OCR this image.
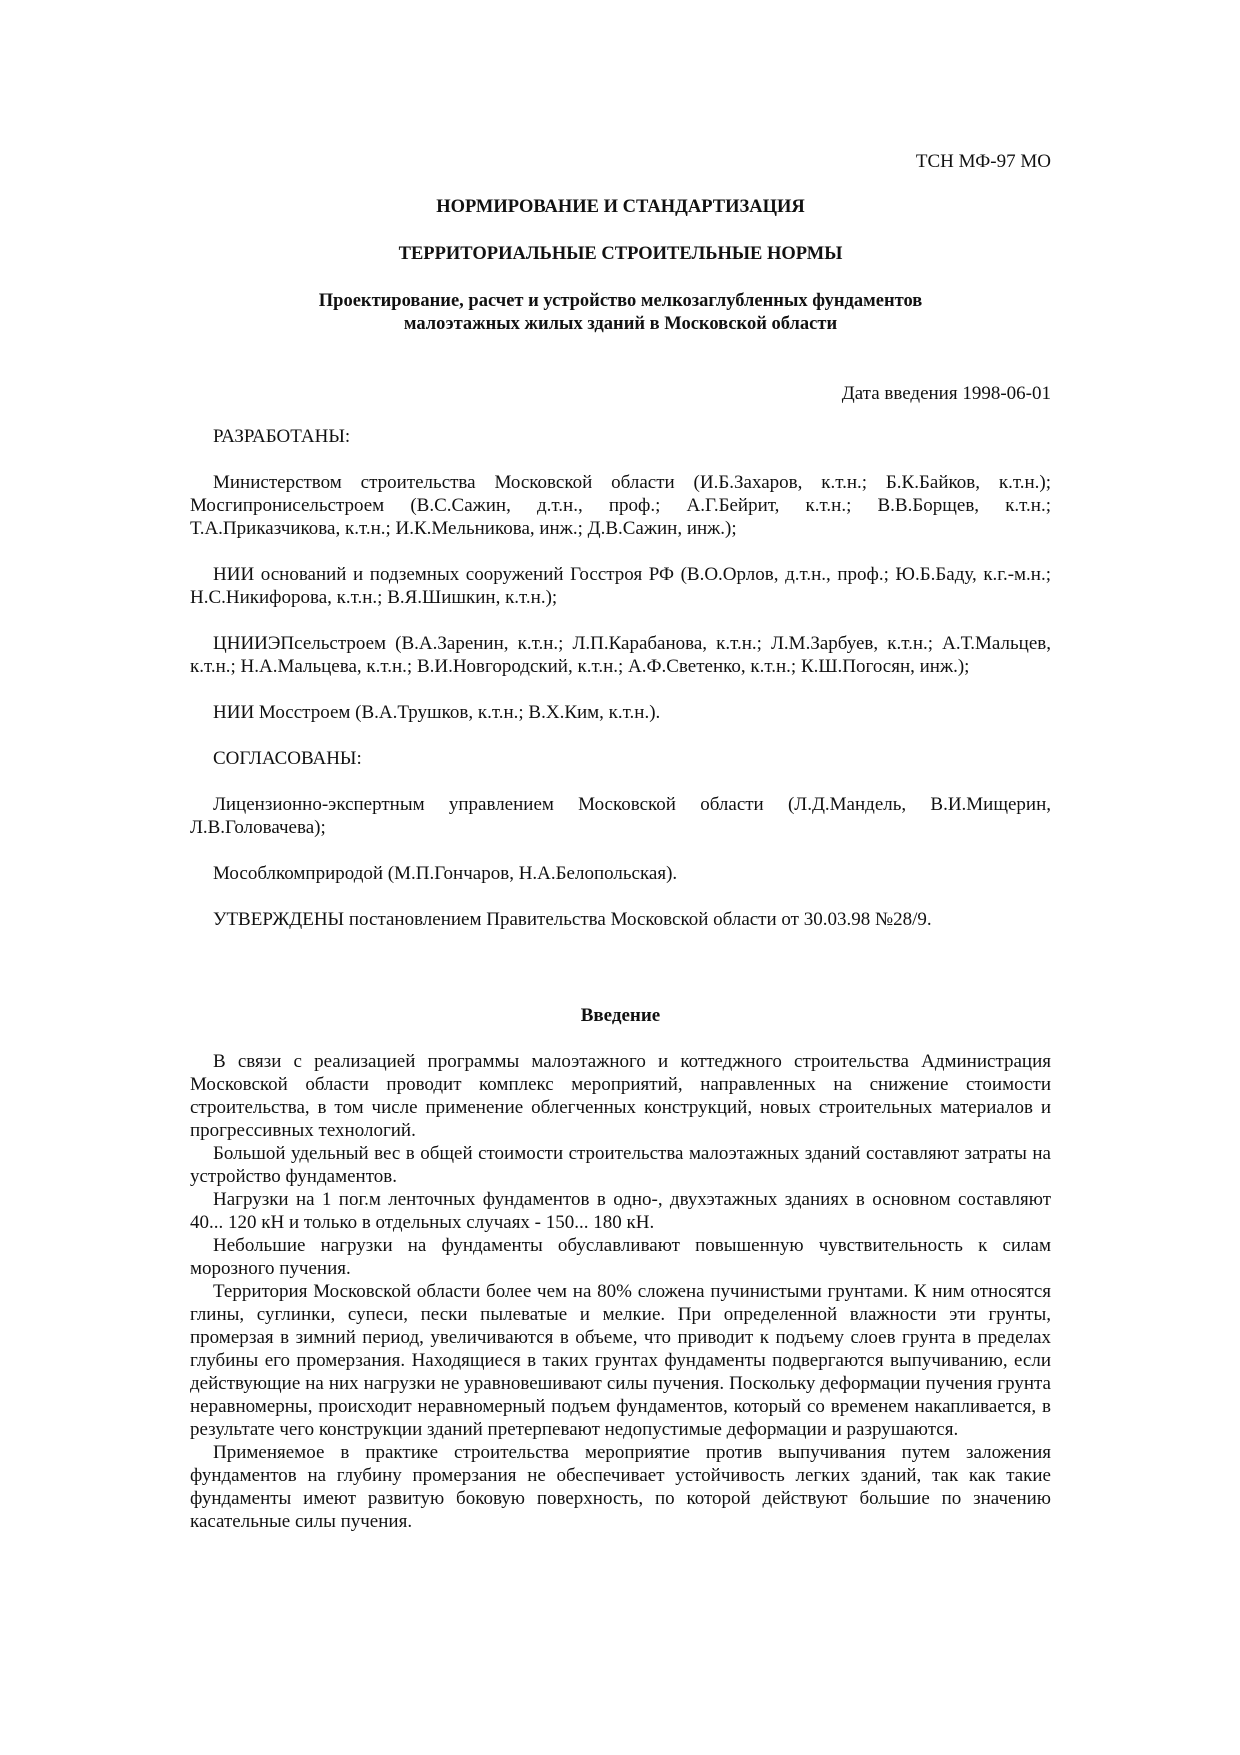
ТСН МФ-97 МО

НОРМИРОВАНИЕ И СТАНДАРТИЗАЦИЯ

ТЕРРИТОРИАЛЬНЫЕ СТРОИТЕЛЬНЫЕ НОРМЫ

Проектирование, расчет и устройство мелкозаглубленных фундаментов
малоэтажных жилых зданий в Московской области

Дата введения 1998-06-01

РАЗРАБОТАНЫ:

Министерством строительства Московской области (И.Б.Захаров, к.т.н.; Б.К.Байков, к.т.н.); Мосгипронисельстроем (В.С.Сажин, д.т.н., проф.; А.Г.Бейрит, к.т.н.; В.В.Борщев, к.т.н.; Т.А.Приказчикова, к.т.н.; И.К.Мельникова, инж.; Д.В.Сажин, инж.);

НИИ оснований и подземных сооружений Госстроя РФ (В.О.Орлов, д.т.н., проф.; Ю.Б.Баду, к.г.-м.н.; Н.С.Никифорова, к.т.н.; В.Я.Шишкин, к.т.н.);

ЦНИИЭПсельстроем (В.А.Заренин, к.т.н.; Л.П.Карабанова, к.т.н.; Л.М.Зарбуев, к.т.н.; А.Т.Мальцев, к.т.н.; Н.А.Мальцева, к.т.н.; В.И.Новгородский, к.т.н.; А.Ф.Светенко, к.т.н.; К.Ш.Погосян, инж.);

НИИ Мосстроем (В.А.Трушков, к.т.н.; В.Х.Ким, к.т.н.).

СОГЛАСОВАНЫ:

Лицензионно-экспертным управлением Московской области (Л.Д.Мандель, В.И.Мищерин, Л.В.Головачева);

Мособлкомприродой (М.П.Гончаров, Н.А.Белопольская).

УТВЕРЖДЕНЫ постановлением Правительства Московской области от 30.03.98 №28/9.

Введение

В связи с реализацией программы малоэтажного и коттеджного строительства Администрация Московской области проводит комплекс мероприятий, направленных на снижение стоимости строительства, в том числе применение облегченных конструкций, новых строительных материалов и прогрессивных технологий.

Большой удельный вес в общей стоимости строительства малоэтажных зданий составляют затраты на устройство фундаментов.

Нагрузки на 1 пог.м ленточных фундаментов в одно-, двухэтажных зданиях в основном составляют 40... 120 кН и только в отдельных случаях - 150... 180 кН.

Небольшие нагрузки на фундаменты обуславливают повышенную чувствительность к силам морозного пучения.

Территория Московской области более чем на 80% сложена пучинистыми грунтами. К ним относятся глины, суглинки, супеси, пески пылеватые и мелкие. При определенной влажности эти грунты, промерзая в зимний период, увеличиваются в объеме, что приводит к подъему слоев грунта в пределах глубины его промерзания. Находящиеся в таких грунтах фундаменты подвергаются выпучиванию, если действующие на них нагрузки не уравновешивают силы пучения. Поскольку деформации пучения грунта неравномерны, происходит неравномерный подъем фундаментов, который со временем накапливается, в результате чего конструкции зданий претерпевают недопустимые деформации и разрушаются.

Применяемое в практике строительства мероприятие против выпучивания путем заложения фундаментов на глубину промерзания не обеспечивает устойчивость легких зданий, так как такие фундаменты имеют развитую боковую поверхность, по которой действуют большие по значению касательные силы пучения.
